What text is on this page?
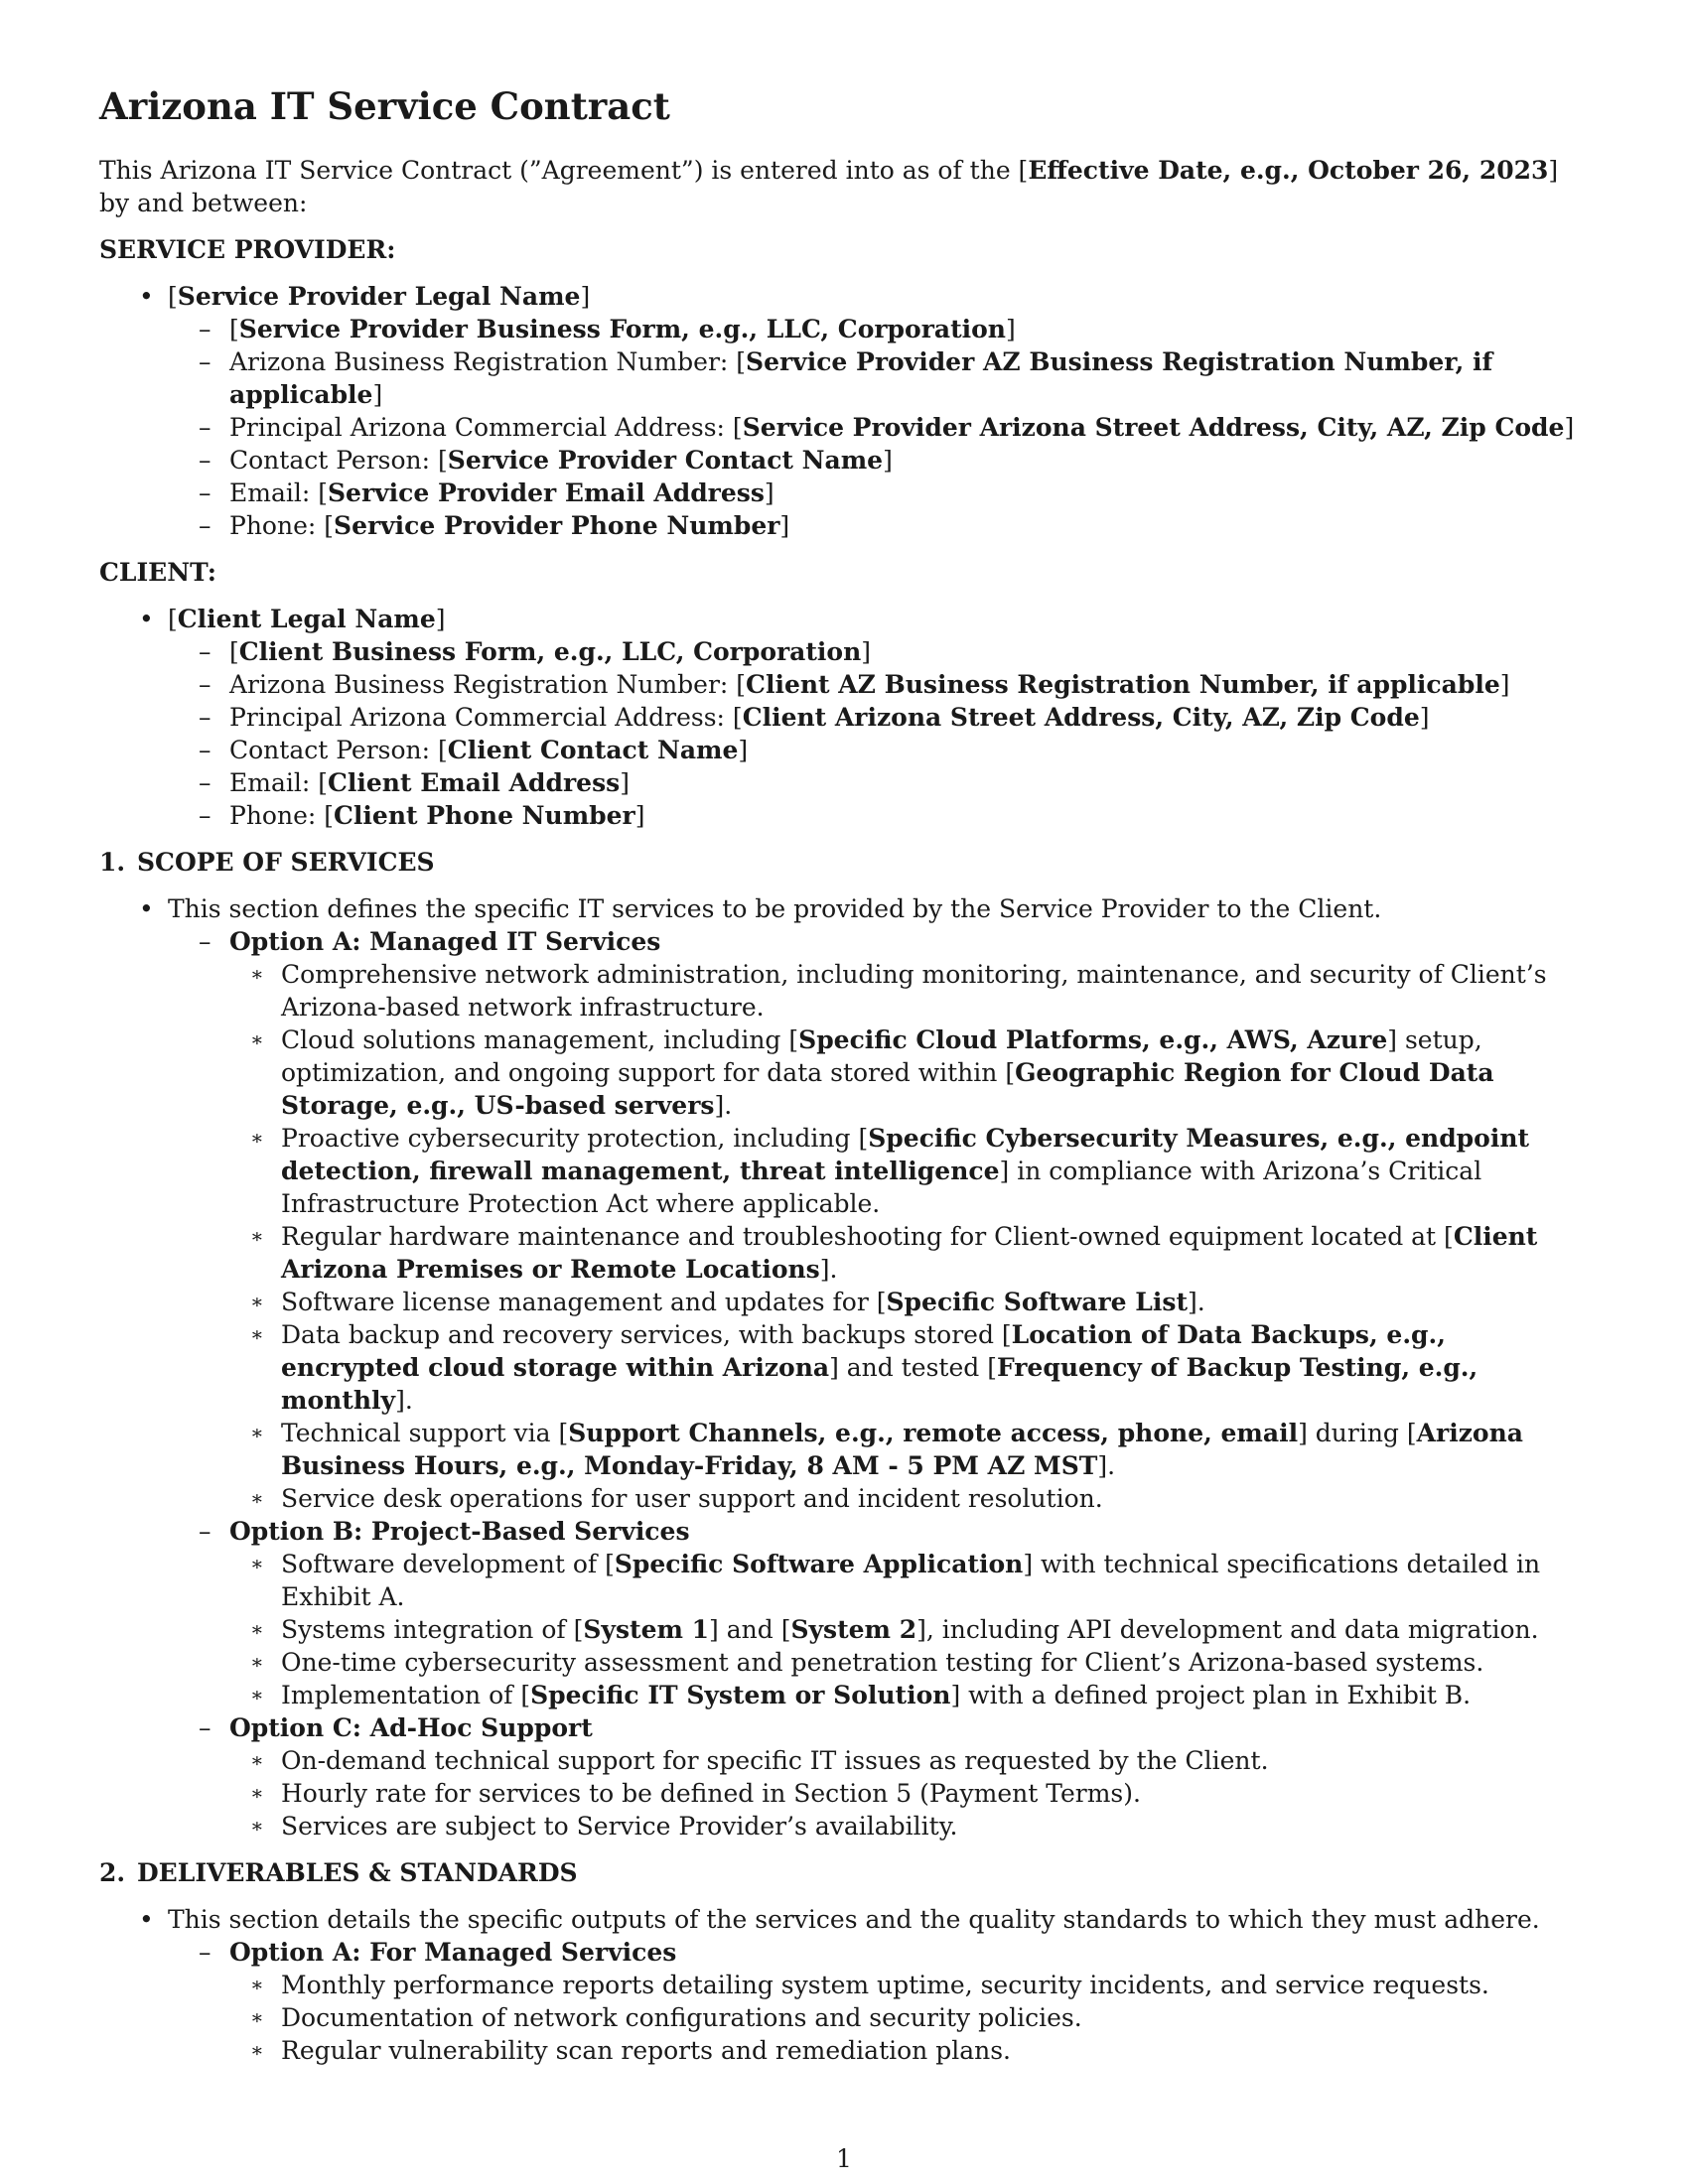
Arizona IT Service Contract

This Arizona IT Service Contract (”Agreement”) is entered into as of the [Effective Date, e.g., October 26, 2023] by and between:

SERVICE PROVIDER:
• [Service Provider Legal Name]
– [Service Provider Business Form, e.g., LLC, Corporation]
– Arizona Business Registration Number: [Service Provider AZ Business Registration Number, if applicable]
– Principal Arizona Commercial Address: [Service Provider Arizona Street Address, City, AZ, Zip Code]
– Contact Person: [Service Provider Contact Name]
– Email: [Service Provider Email Address]
– Phone: [Service Provider Phone Number]
CLIENT:
• [Client Legal Name]
– [Client Business Form, e.g., LLC, Corporation]
– Arizona Business Registration Number: [Client AZ Business Registration Number, if applicable]
– Principal Arizona Commercial Address: [Client Arizona Street Address, City, AZ, Zip Code]
– Contact Person: [Client Contact Name]
– Email: [Client Email Address]
– Phone: [Client Phone Number]
1. SCOPE OF SERVICES
• This section defines the specific IT services to be provided by the Service Provider to the Client.
– Option A: Managed IT Services
∗ Comprehensive network administration, including monitoring, maintenance, and security of Client’s Arizona-based network infrastructure.
∗ Cloud solutions management, including [Specific Cloud Platforms, e.g., AWS, Azure] setup, optimization, and ongoing support for data stored within [Geographic Region for Cloud Data Storage, e.g., US-based servers].
∗ Proactive cybersecurity protection, including [Specific Cybersecurity Measures, e.g., endpoint detection, firewall management, threat intelligence] in compliance with Arizona’s Critical Infrastructure Protection Act where applicable.
∗ Regular hardware maintenance and troubleshooting for Client-owned equipment located at [Client Arizona Premises or Remote Locations].
∗ Software license management and updates for [Specific Software List].
∗ Data backup and recovery services, with backups stored [Location of Data Backups, e.g., encrypted cloud storage within Arizona] and tested [Frequency of Backup Testing, e.g., monthly].
∗ Technical support via [Support Channels, e.g., remote access, phone, email] during [Arizona Business Hours, e.g., Monday-Friday, 8 AM - 5 PM AZ MST].
∗ Service desk operations for user support and incident resolution.
– Option B: Project-Based Services
∗ Software development of [Specific Software Application] with technical specifications detailed in Exhibit A.
∗ Systems integration of [System 1] and [System 2], including API development and data migration.
∗ One-time cybersecurity assessment and penetration testing for Client’s Arizona-based systems.
∗ Implementation of [Specific IT System or Solution] with a defined project plan in Exhibit B.
– Option C: Ad-Hoc Support
∗ On-demand technical support for specific IT issues as requested by the Client.
∗ Hourly rate for services to be defined in Section 5 (Payment Terms).
∗ Services are subject to Service Provider’s availability.
2. DELIVERABLES & STANDARDS
• This section details the specific outputs of the services and the quality standards to which they must adhere.
– Option A: For Managed Services
∗ Monthly performance reports detailing system uptime, security incidents, and service requests.
∗ Documentation of network configurations and security policies.
∗ Regular vulnerability scan reports and remediation plans.
1
